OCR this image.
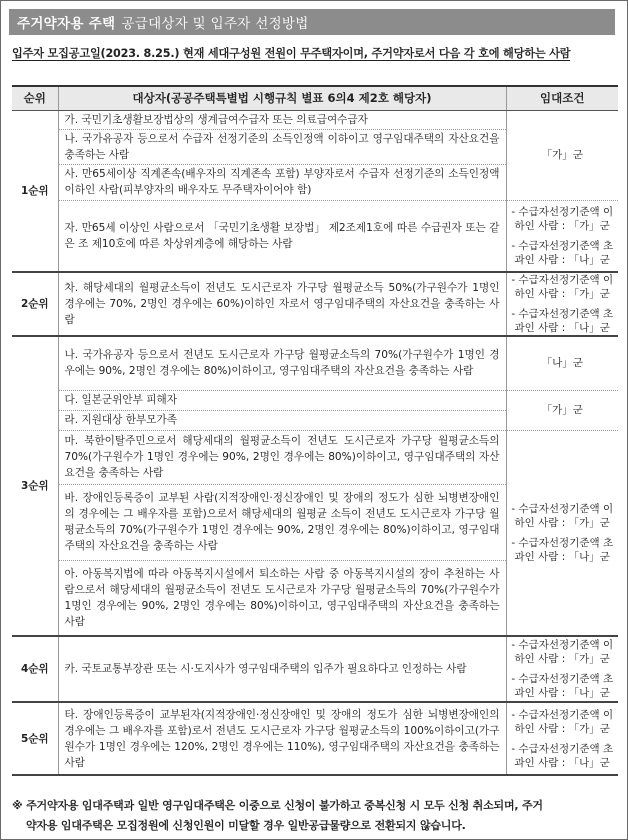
주거약자용 주택 공급대상자 및 입주자 선정방법
입주자 모집공고일(2023. 8.25.) 현재 세대구성원 전원이 무주택자이며, 주거약자로서 다음 각 호에 해당하는 사람
순위	대상자(공공주택특별법 시행규칙 별표 6의4 제2호 해당자)	임대조건
1순위	가. 국민기초생활보장법상의 생계급여수급자 또는 의료급여수급자	「가」군

	나. 국가유공자 등으로서 수급자 선정기준의 소득인정액 이하이고 영구임대주택의 자산요건을 충족하는 사람	
	사. 만65세이상 직계존속(배우자의 직계존속 포함) 부양자로서 수급자 선정기준의 소득인정액 이하인 사람(피부양자의 배우자도 무주택자이어야 함)	
	자. 만65세 이상인 사람으로서 「국민기초생활 보장법」 제2조제1호에 따른 수급권자 또는 같은 조 제10호에 따른 차상위계층에 해당하는 사람	- 수급자선정기준액 이하인 사람 : 「가」군
- 수급자선정기준액 초과인 사람 : 「나」군

2순위	차. 해당세대의 월평균소득이 전년도 도시근로자 가구당 월평균소득 50%(가구원수가 1명인 경우에는 70%, 2명인 경우에는 60%)이하인 자로서 영구임대주택의 자산요건을 충족하는 사람	- 수급자선정기준액 이하인 사람 : 「가」군
- 수급자선정기준액 초과인 사람 : 「나」군

3순위	나. 국가유공자 등으로서 전년도 도시근로자 가구당 월평균소득의 70%(가구원수가 1명인 경우에는 90%, 2명인 경우에는 80%)이하이고, 영구임대주택의 자산요건을 충족하는 사람	「나」군

	다. 일본군위안부 피해자	「가」군

	라. 지원대상 한부모가족	
	마. 북한이탈주민으로서 해당세대의 월평균소득이 전년도 도시근로자 가구당 월평균소득의 70%(가구원수가 1명인 경우에는 90%, 2명인 경우에는 80%)이하이고, 영구임대주택의 자산요건을 충족하는 사람	- 수급자선정기준액 이하인 사람 : 「가」군
- 수급자선정기준액 초과인 사람 : 「나」군

	바. 장애인등록증이 교부된 사람(지적장애인·정신장애인 및 장애의 정도가 심한 뇌병변장애인의 경우에는 그 배우자를 포함)으로서 해당세대의 월평균 소득이 전년도 도시근로자 가구당 월평균소득의 70%(가구원수가 1명인 경우에는 90%, 2명인 경우에는 80%)이하이고, 영구임대주택의 자산요건을 충족하는 사람	
	아. 아동복지법에 따라 아동복지시설에서 퇴소하는 사람 중 아동복지시설의 장이 추천하는 사람으로서 해당세대의 월평균소득이 전년도 도시근로자 가구당 월평균소득의 70%(가구원수가 1명인 경우에는 90%, 2명인 경우에는 80%)이하이고, 영구임대주택의 자산요건을 충족하는 사람	
4순위	카. 국토교통부장관 또는 시·도지사가 영구임대주택의 입주가 필요하다고 인정하는 사람	- 수급자선정기준액 이하인 사람 : 「가」군
- 수급자선정기준액 초과인 사람 : 「나」군

5순위	타. 장애인등록증이 교부된자(지적장애인·정신장애인 및 장애의 정도가 심한 뇌병변장애인의 경우에는 그 배우자를 포함)로서 전년도 도시근로자 가구당 월평균소득의 100%이하이고(가구원수가 1명인 경우에는 120%, 2명인 경우에는 110%), 영구임대주택의 자산요건을 충족하는 사람	- 수급자선정기준액 이하인 사람 : 「가」군
- 수급자선정기준액 초과인 사람 : 「나」군
※ 주거약자용 임대주택과 일반 영구임대주택은 이중으로 신청이 불가하고 중복신청 시 모두 신청 취소되며, 주거
약자용 임대주택은 모집정원에 신청인원이 미달할 경우 일반공급물량으로 전환되지 않습니다.
